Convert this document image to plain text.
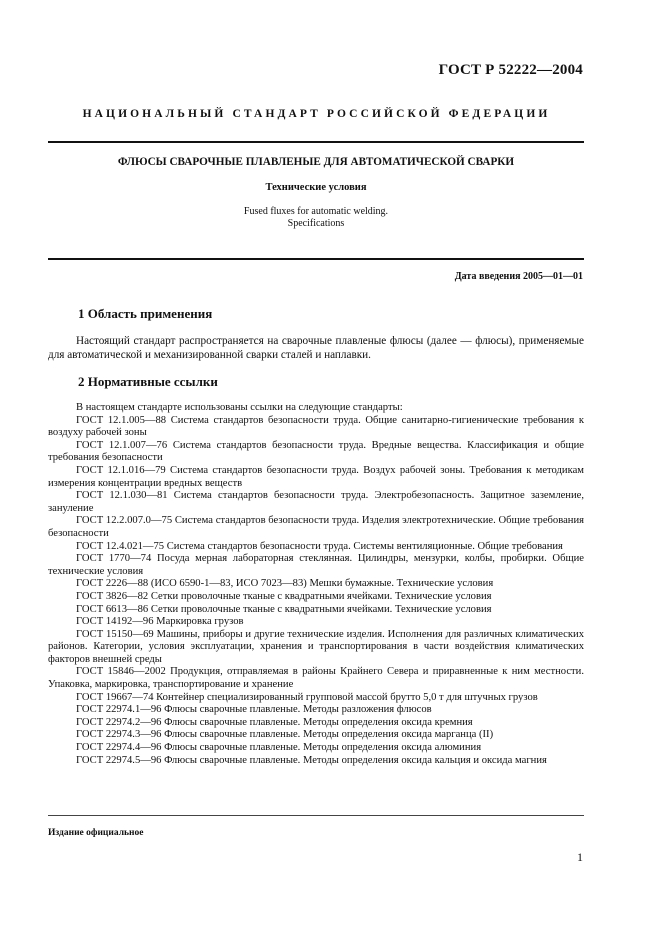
ГОСТ Р 52222—2004
НАЦИОНАЛЬНЫЙ СТАНДАРТ РОССИЙСКОЙ ФЕДЕРАЦИИ
ФЛЮСЫ СВАРОЧНЫЕ ПЛАВЛЕНЫЕ ДЛЯ АВТОМАТИЧЕСКОЙ СВАРКИ
Технические условия
Fused fluxes for automatic welding.
Specifications
Дата введения 2005—01—01
1 Область применения

Настоящий стандарт распространяется на сварочные плавленые флюсы (далее — флюсы), применяемые для автоматической и механизированной сварки сталей и наплавки.

2 Нормативные ссылки

В настоящем стандарте использованы ссылки на следующие стандарты:

ГОСТ 12.1.005—88 Система стандартов безопасности труда. Общие санитарно-гигиенические требования к воздуху рабочей зоны

ГОСТ 12.1.007—76 Система стандартов безопасности труда. Вредные вещества. Классификация и общие требования безопасности

ГОСТ 12.1.016—79 Система стандартов безопасности труда. Воздух рабочей зоны. Требования к методикам измерения концентрации вредных веществ

ГОСТ 12.1.030—81 Система стандартов безопасности труда. Электробезопасность. Защитное заземление, зануление

ГОСТ 12.2.007.0—75 Система стандартов безопасности труда. Изделия электротехнические. Общие требования безопасности

ГОСТ 12.4.021—75 Система стандартов безопасности труда. Системы вентиляционные. Общие требования

ГОСТ 1770—74 Посуда мерная лабораторная стеклянная. Цилиндры, мензурки, колбы, пробирки. Общие технические условия

ГОСТ 2226—88 (ИСО 6590-1—83, ИСО 7023—83) Мешки бумажные. Технические условия

ГОСТ 3826—82 Сетки проволочные тканые с квадратными ячейками. Технические условия

ГОСТ 6613—86 Сетки проволочные тканые с квадратными ячейками. Технические условия

ГОСТ 14192—96 Маркировка грузов

ГОСТ 15150—69 Машины, приборы и другие технические изделия. Исполнения для различных климатических районов. Категории, условия эксплуатации, хранения и транспортирования в части воздействия климатических факторов внешней среды

ГОСТ 15846—2002 Продукция, отправляемая в районы Крайнего Севера и приравненные к ним местности. Упаковка, маркировка, транспортирование и хранение

ГОСТ 19667—74 Контейнер специализированный групповой массой брутто 5,0 т для штучных грузов

ГОСТ 22974.1—96 Флюсы сварочные плавленые. Методы разложения флюсов

ГОСТ 22974.2—96 Флюсы сварочные плавленые. Методы определения оксида кремния

ГОСТ 22974.3—96 Флюсы сварочные плавленые. Методы определения оксида марганца (II)

ГОСТ 22974.4—96 Флюсы сварочные плавленые. Методы определения оксида алюминия

ГОСТ 22974.5—96 Флюсы сварочные плавленые. Методы определения оксида кальция и оксида магния

Издание официальное
1
